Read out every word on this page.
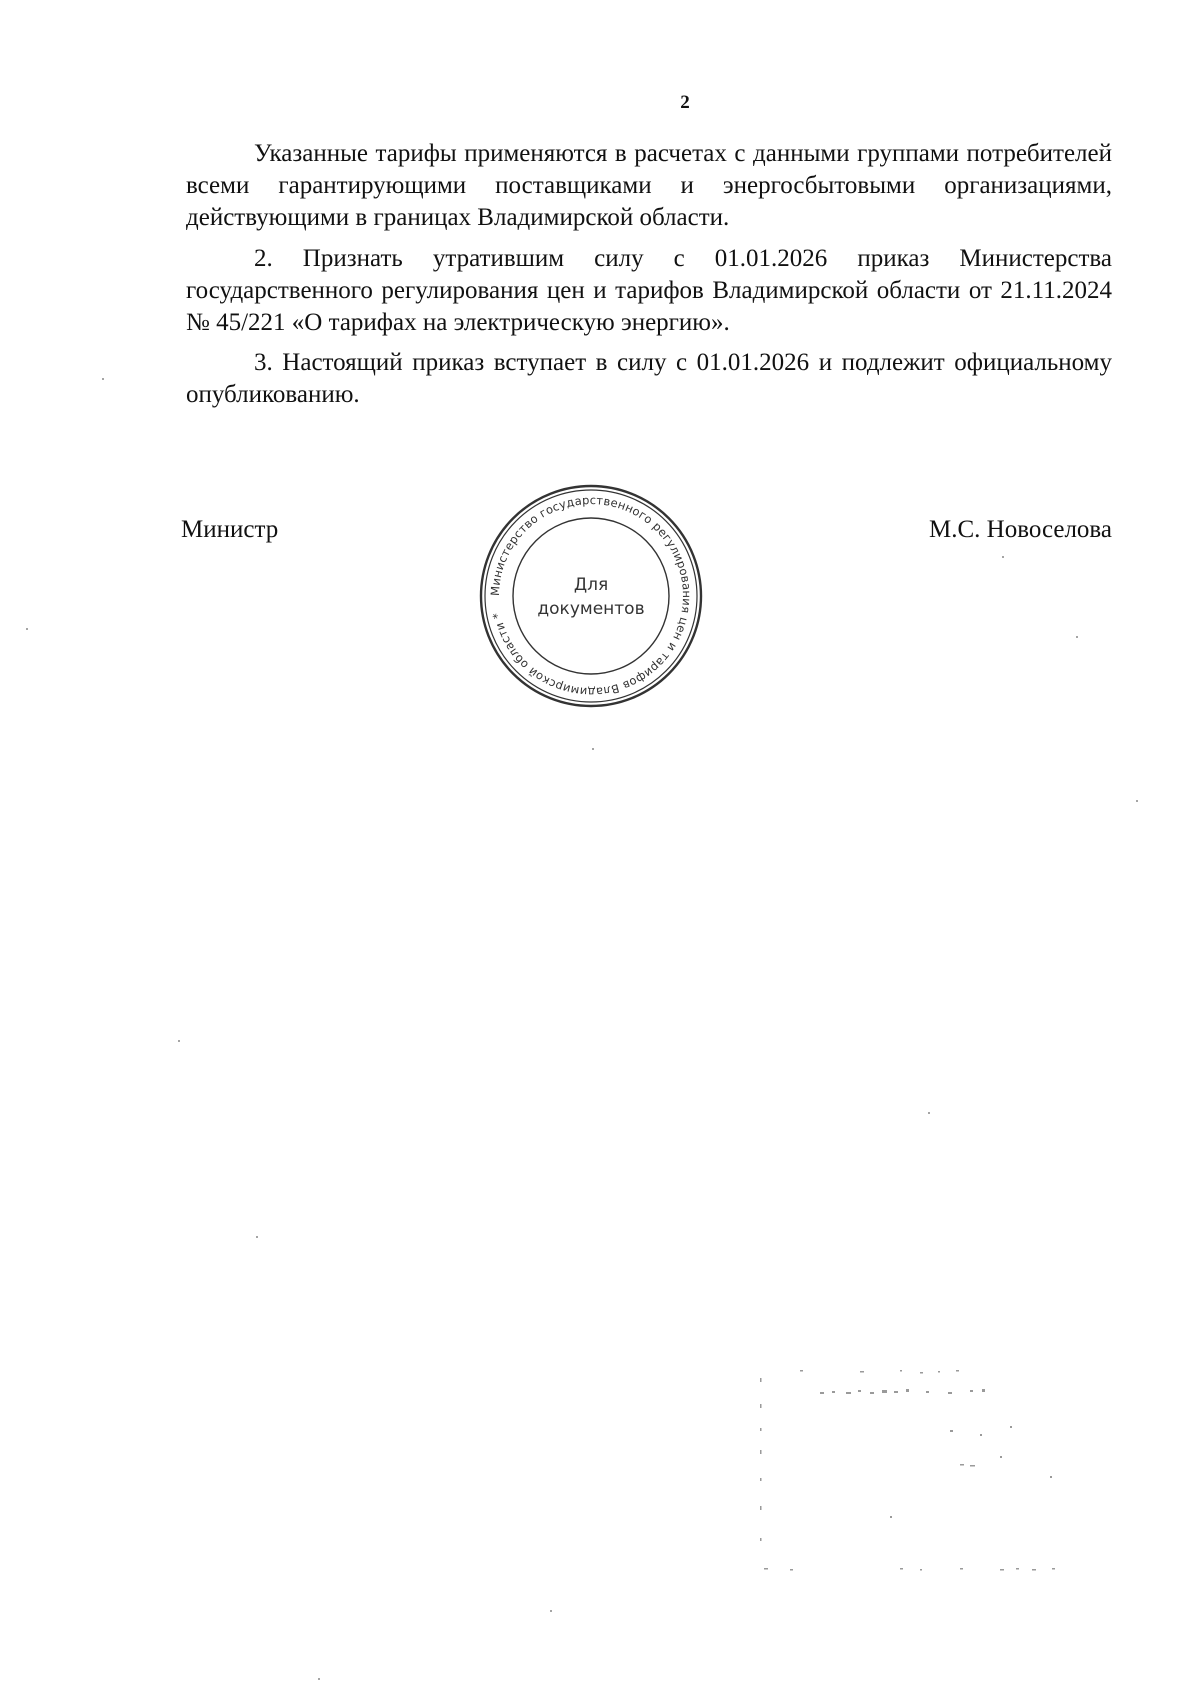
2

Указанные тарифы применяются в расчетах с данными группами потребителей всеми гарантирующими поставщиками и энергосбытовыми организациями, действующими в границах Владимирской области.

2. Признать утратившим силу с 01.01.2026 приказ Министерства государственного регулирования цен и тарифов Владимирской области от 21.11.2024 № 45/221 «О тарифах на электрическую энергию».

3. Настоящий приказ вступает в силу с 01.01.2026 и подлежит официальному опубликованию.

Министр
Министерство государственного регулирования цен и тарифов Владимирской области *
Для
документов
М.С. Новоселова
